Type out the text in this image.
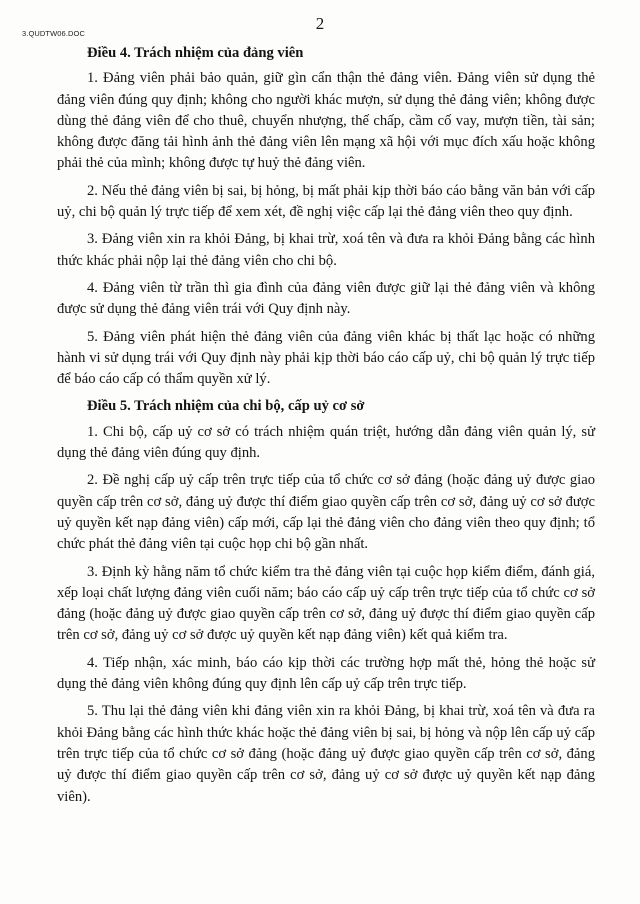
3.QUDTW06.DOC
2
Điều 4. Trách nhiệm của đảng viên

1. Đảng viên phải bảo quản, giữ gìn cẩn thận thẻ đảng viên. Đảng viên sử dụng thẻ đảng viên đúng quy định; không cho người khác mượn, sử dụng thẻ đảng viên; không được dùng thẻ đảng viên để cho thuê, chuyển nhượng, thế chấp, cầm cố vay, mượn tiền, tài sản; không được đăng tải hình ảnh thẻ đảng viên lên mạng xã hội với mục đích xấu hoặc không phải thẻ của mình; không được tự huỷ thẻ đảng viên.

2. Nếu thẻ đảng viên bị sai, bị hỏng, bị mất phải kịp thời báo cáo bằng văn bản với cấp uỷ, chi bộ quản lý trực tiếp để xem xét, đề nghị việc cấp lại thẻ đảng viên theo quy định.

3. Đảng viên xin ra khỏi Đảng, bị khai trừ, xoá tên và đưa ra khỏi Đảng bằng các hình thức khác phải nộp lại thẻ đảng viên cho chi bộ.

4. Đảng viên từ trần thì gia đình của đảng viên được giữ lại thẻ đảng viên và không được sử dụng thẻ đảng viên trái với Quy định này.

5. Đảng viên phát hiện thẻ đảng viên của đảng viên khác bị thất lạc hoặc có những hành vi sử dụng trái với Quy định này phải kịp thời báo cáo cấp uỷ, chi bộ quản lý trực tiếp để báo cáo cấp có thẩm quyền xử lý.

Điều 5. Trách nhiệm của chi bộ, cấp uỷ cơ sở

1. Chi bộ, cấp uỷ cơ sở có trách nhiệm quán triệt, hướng dẫn đảng viên quản lý, sử dụng thẻ đảng viên đúng quy định.

2. Đề nghị cấp uỷ cấp trên trực tiếp của tổ chức cơ sở đảng (hoặc đảng uỷ được giao quyền cấp trên cơ sở, đảng uỷ được thí điểm giao quyền cấp trên cơ sở, đảng uỷ cơ sở được uỷ quyền kết nạp đảng viên) cấp mới, cấp lại thẻ đảng viên cho đảng viên theo quy định; tổ chức phát thẻ đảng viên tại cuộc họp chi bộ gần nhất.

3. Định kỳ hằng năm tổ chức kiểm tra thẻ đảng viên tại cuộc họp kiểm điểm, đánh giá, xếp loại chất lượng đảng viên cuối năm; báo cáo cấp uỷ cấp trên trực tiếp của tổ chức cơ sở đảng (hoặc đảng uỷ được giao quyền cấp trên cơ sở, đảng uỷ được thí điểm giao quyền cấp trên cơ sở, đảng uỷ cơ sở được uỷ quyền kết nạp đảng viên) kết quả kiểm tra.

4. Tiếp nhận, xác minh, báo cáo kịp thời các trường hợp mất thẻ, hỏng thẻ hoặc sử dụng thẻ đảng viên không đúng quy định lên cấp uỷ cấp trên trực tiếp.

5. Thu lại thẻ đảng viên khi đảng viên xin ra khỏi Đảng, bị khai trừ, xoá tên và đưa ra khỏi Đảng bằng các hình thức khác hoặc thẻ đảng viên bị sai, bị hỏng và nộp lên cấp uỷ cấp trên trực tiếp của tổ chức cơ sở đảng (hoặc đảng uỷ được giao quyền cấp trên cơ sở, đảng uỷ được thí điểm giao quyền cấp trên cơ sở, đảng uỷ cơ sở được uỷ quyền kết nạp đảng viên).
